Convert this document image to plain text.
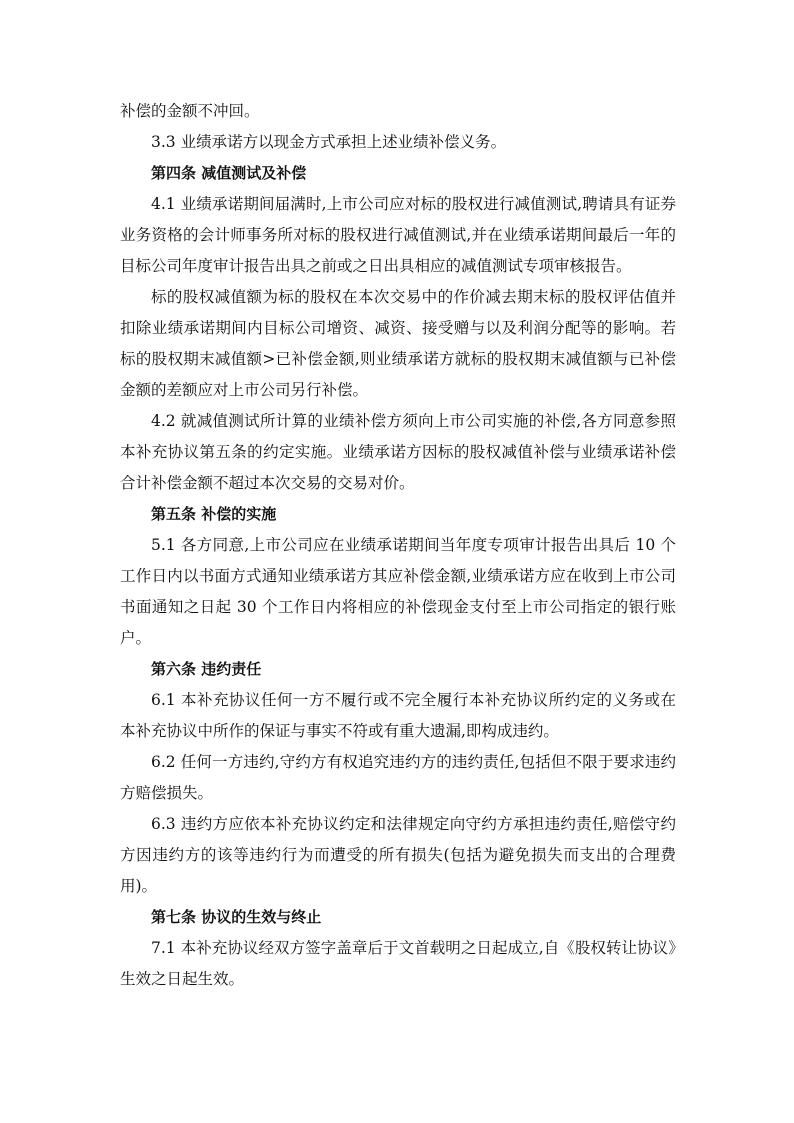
补偿的金额不冲回。

3.3 业绩承诺方以现金方式承担上述业绩补偿义务。

第四条 减值测试及补偿

4.1 业绩承诺期间届满时,上市公司应对标的股权进行减值测试,聘请具有证券业务资格的会计师事务所对标的股权进行减值测试,并在业绩承诺期间最后一年的目标公司年度审计报告出具之前或之日出具相应的减值测试专项审核报告。

标的股权减值额为标的股权在本次交易中的作价减去期末标的股权评估值并扣除业绩承诺期间内目标公司增资、减资、接受赠与以及利润分配等的影响。若标的股权期末减值额>已补偿金额,则业绩承诺方就标的股权期末减值额与已补偿金额的差额应对上市公司另行补偿。

4.2 就减值测试所计算的业绩补偿方须向上市公司实施的补偿,各方同意参照本补充协议第五条的约定实施。业绩承诺方因标的股权减值补偿与业绩承诺补偿合计补偿金额不超过本次交易的交易对价。

第五条 补偿的实施

5.1 各方同意,上市公司应在业绩承诺期间当年度专项审计报告出具后 10 个工作日内以书面方式通知业绩承诺方其应补偿金额,业绩承诺方应在收到上市公司书面通知之日起 30 个工作日内将相应的补偿现金支付至上市公司指定的银行账户。

第六条 违约责任

6.1 本补充协议任何一方不履行或不完全履行本补充协议所约定的义务或在本补充协议中所作的保证与事实不符或有重大遗漏,即构成违约。

6.2 任何一方违约,守约方有权追究违约方的违约责任,包括但不限于要求违约方赔偿损失。

6.3 违约方应依本补充协议约定和法律规定向守约方承担违约责任,赔偿守约方因违约方的该等违约行为而遭受的所有损失(包括为避免损失而支出的合理费用)。

第七条 协议的生效与终止

7.1 本补充协议经双方签字盖章后于文首载明之日起成立,自《股权转让协议》生效之日起生效。
